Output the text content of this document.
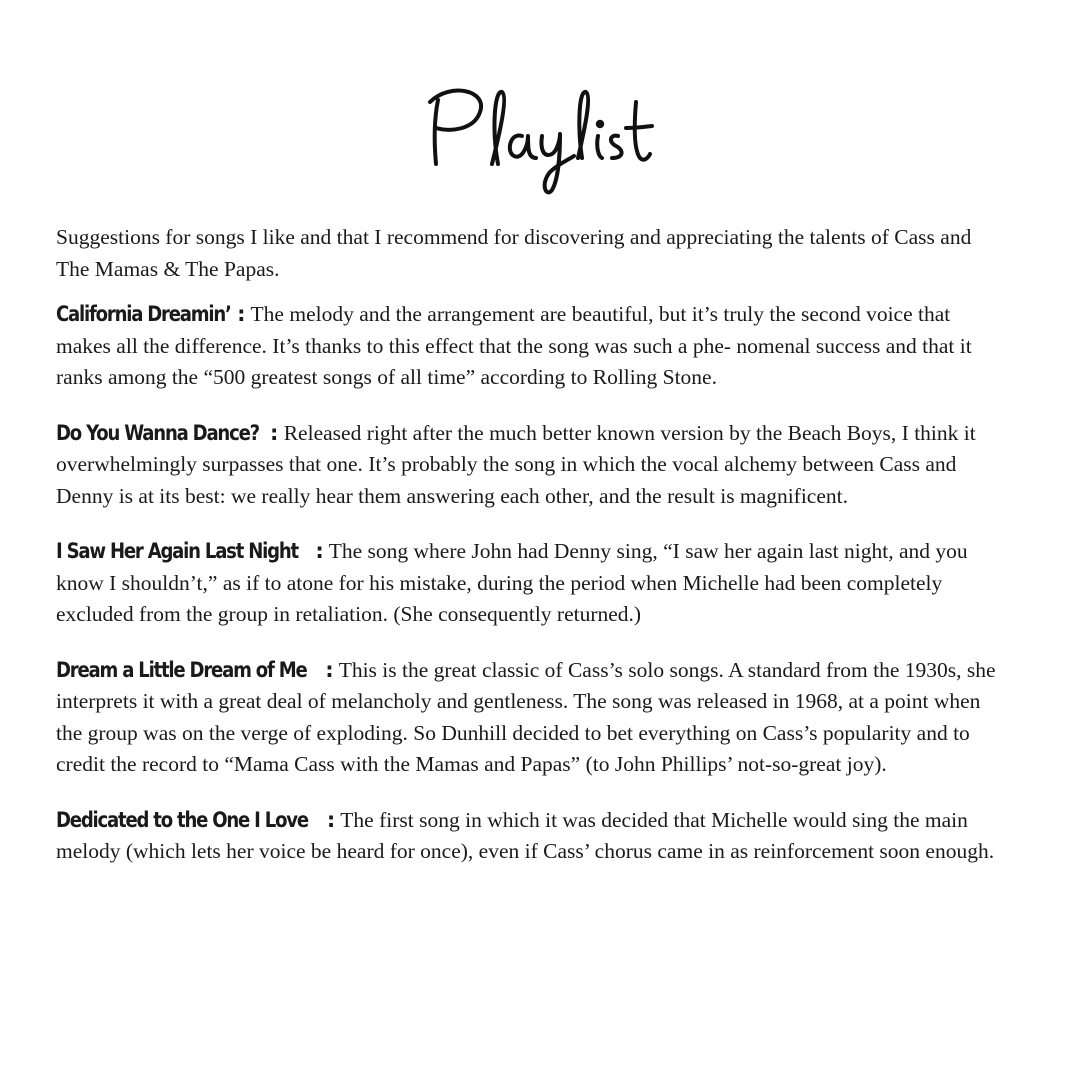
Suggestions for songs I like and that I recommend for discovering and appreciating the talents of Cass and The Mamas & The Papas.

California Dreamin’ : The melody and the arrangement are beautiful, but it’s truly the second voice that makes all the difference. It’s thanks to this effect that the song was such a phe- nomenal success and that it ranks among the “500 greatest songs of all time” according to Rolling Stone.

Do You Wanna Dance? : Released right after the much better known version by the Beach Boys, I think it overwhelmingly surpasses that one. It’s probably the song in which the vocal alchemy between Cass and Denny is at its best: we really hear them answering each other, and the result is magnificent.

I Saw Her Again Last Night : The song where John had Denny sing, “I saw her again last night, and you know I shouldn’t,” as if to atone for his mistake, during the period when Michelle had been completely excluded from the group in retaliation. (She consequently returned.)

Dream a Little Dream of Me : This is the great classic of Cass’s solo songs. A standard from the 1930s, she interprets it with a great deal of melancholy and gentleness. The song was released in 1968, at a point when the group was on the verge of exploding. So Dunhill decided to bet everything on Cass’s popularity and to credit the record to “Mama Cass with the Mamas and Papas” (to John Phillips’ not-so-great joy).

Dedicated to the One I Love : The first song in which it was decided that Michelle would sing the main melody (which lets her voice be heard for once), even if Cass’ chorus came in as reinforcement soon enough.
